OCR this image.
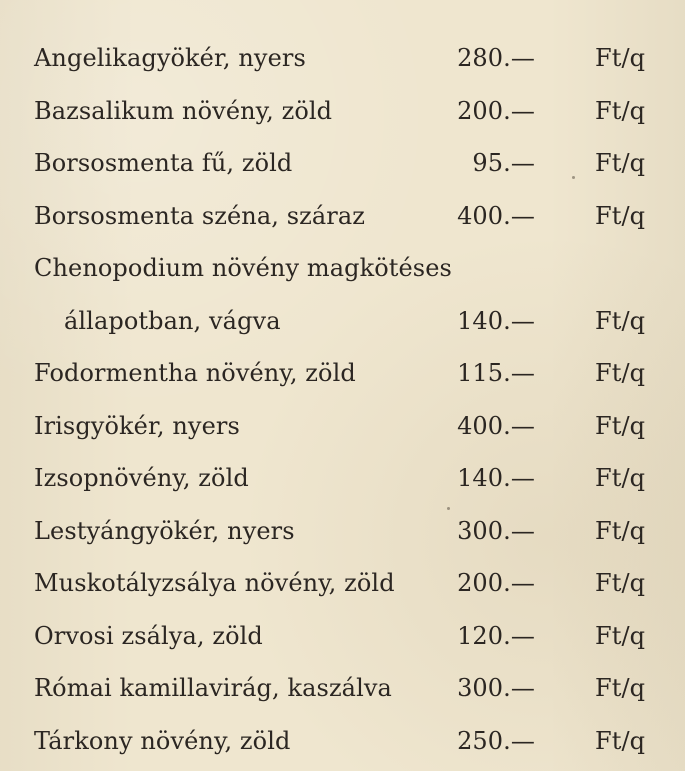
Angelikagyökér, nyers	280.—	Ft/q
Bazsalikum növény, zöld	200.—	Ft/q
Borsosmenta fű, zöld	95.—	Ft/q
Borsosmenta széna, száraz	400.—	Ft/q
Chenopodium növény magkötéses
állapotban, vágva	140.—	Ft/q
Fodormentha növény, zöld	115.—	Ft/q
Irisgyökér, nyers	400.—	Ft/q
Izsopnövény, zöld	140.—	Ft/q
Lestyángyökér, nyers	300.—	Ft/q
Muskotályzsálya növény, zöld	200.—	Ft/q
Orvosi zsálya, zöld	120.—	Ft/q
Római kamillavirág, kaszálva	300.—	Ft/q
Tárkony növény, zöld	250.—	Ft/q
